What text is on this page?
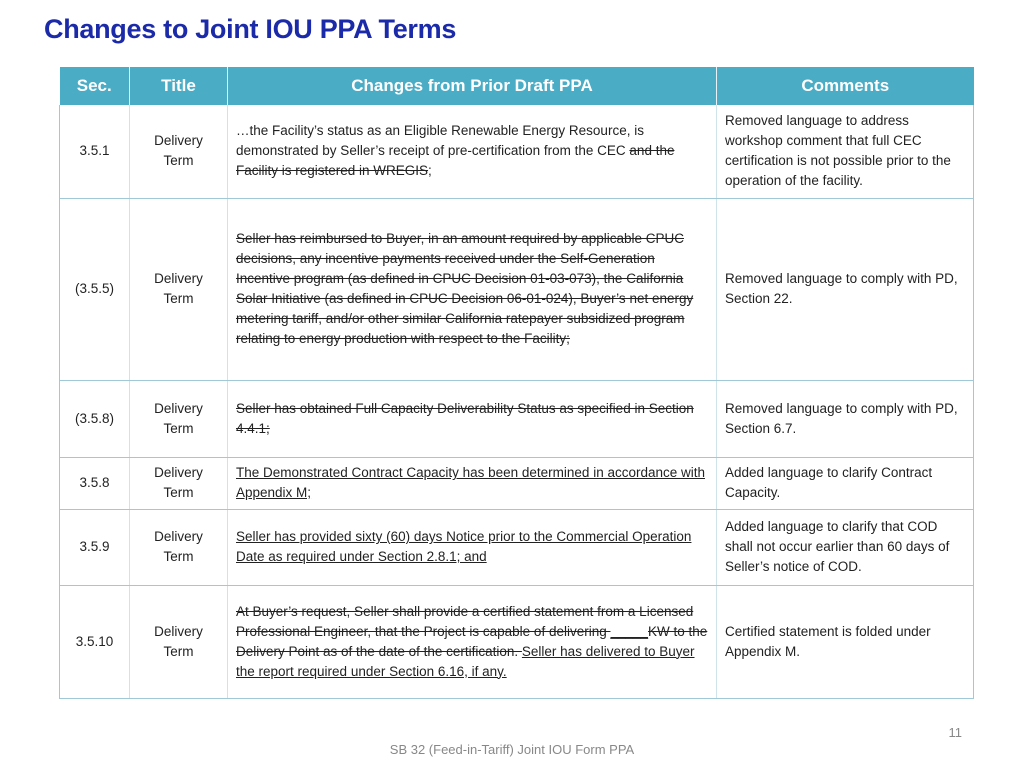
Changes to Joint IOU PPA Terms
Sec.	Title	Changes from Prior Draft PPA	Comments
3.5.1	Delivery Term	…the Facility’s status as an Eligible Renewable Energy Resource, is demonstrated by Seller’s receipt of pre-certification from the CEC and the Facility is registered in WREGIS;	Removed language to address workshop comment that full CEC certification is not possible prior to the operation of the facility.
(3.5.5)	Delivery Term	Seller has reimbursed to Buyer, in an amount required by applicable CPUC decisions, any incentive payments received under the Self-Generation Incentive program (as defined in CPUC Decision 01-03-073), the California Solar Initiative (as defined in CPUC Decision 06-01-024), Buyer’s net energy metering tariff, and/or other similar California ratepayer subsidized program relating to energy production with respect to the Facility;	Removed language to comply with PD, Section 22.
(3.5.8)	Delivery Term	Seller has obtained Full Capacity Deliverability Status as specified in Section 4.4.1;	Removed language to comply with PD, Section 6.7.
3.5.8	Delivery Term	The Demonstrated Contract Capacity has been determined in accordance with Appendix M;	Added language to clarify Contract Capacity.
3.5.9	Delivery Term	Seller has provided sixty (60) days Notice prior to the Commercial Operation Date as required under Section 2.8.1; and	Added language to clarify that COD shall not occur earlier than 60 days of Seller’s notice of COD.
3.5.10	Delivery Term	At Buyer’s request, Seller shall provide a certified statement from a Licensed Professional Engineer, that the Project is capable of delivering _____KW to the Delivery Point as of the date of the certification. Seller has delivered to Buyer the report required under Section 6.16, if any.	Certified statement is folded under Appendix M.
11
SB 32 (Feed-in-Tariff) Joint IOU Form PPA
